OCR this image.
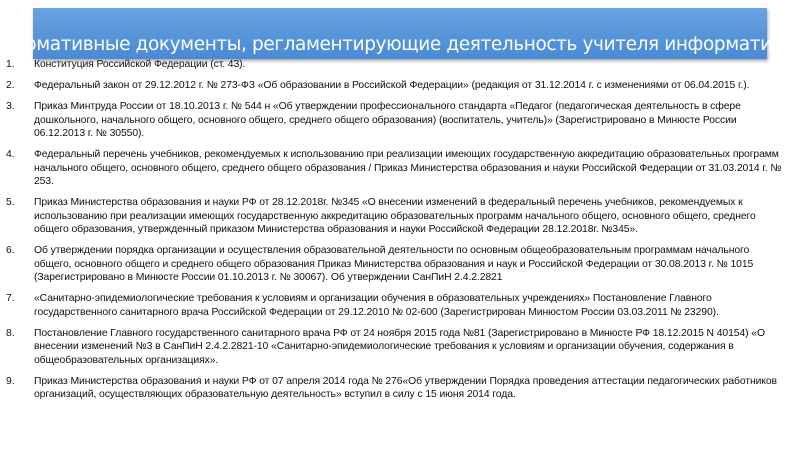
Нормативные документы, регламентирующие деятельность учителя информатики.
1.	Конституция Российской Федерации (ст. 43).
2.	Федеральный закон от 29.12.2012 г. № 273-ФЗ «Об образовании в Российской Федерации» (редакция от 31.12.2014 г. с изменениями от 06.04.2015 г.).
3.	Приказ Минтруда России от 18.10.2013 г. № 544 н «Об утверждении профессионального стандарта «Педагог (педагогическая деятельность в сфере дошкольного, начального общего, основного общего, среднего общего образования) (воспитатель, учитель)» (Зарегистрировано в Минюсте России 06.12.2013 г. № 30550).
4.	Федеральный перечень учебников, рекомендуемых к использованию при реализации имеющих государственную аккредитацию образовательных программ начального общего, основного общего, среднего общего образования / Приказ Министерства образования и науки Российской Федерации от 31.03.2014 г. № 253.
5.	Приказ Министерства образования и науки РФ от 28.12.2018г. №345 «О внесении изменений в федеральный перечень учебников, рекомендуемых к использованию при реализации имеющих государственную аккредитацию образовательных программ начального общего, основного общего, среднего общего образования, утвержденный приказом Министерства образования и науки Российской Федерации 28.12.2018г. №345».
6.	Об утверждении порядка организации и осуществления образовательной деятельности по основным общеобразовательным программам начального общего, основного общего и среднего общего образования Приказ Министерства образования и наук и Российской Федерации от 30.08.2013 г. № 1015 (Зарегистрировано в Минюсте России 01.10.2013 г. № 30067). Об утверждении СанПиН 2.4.2.2821
7.	«Санитарно-эпидемиологические требования к условиям и организации обучения в образовательных учреждениях» Постановление Главного государственного санитарного врача Российской Федерации от 29.12.2010 № 02-600 (Зарегистрирован Минюстом России 03.03.2011 № 23290).
8.	Постановление Главного государственного санитарного врача РФ от 24 ноября 2015 года №81 (Зарегистрировано в Минюсте РФ 18.12.2015 N 40154) «О внесении изменений №3 в СанПиН 2.4.2.2821-10 «Санитарно-эпидемиологические требования к условиям и организации обучения, содержания в общеобразовательных организациях».
9.	Приказ Министерства образования и науки РФ от 07 апреля 2014 года № 276«Об утверждении Порядка проведения аттестации педагогических работников организаций, осуществляющих образовательную деятельность» вступил в силу с 15 июня 2014 года.
